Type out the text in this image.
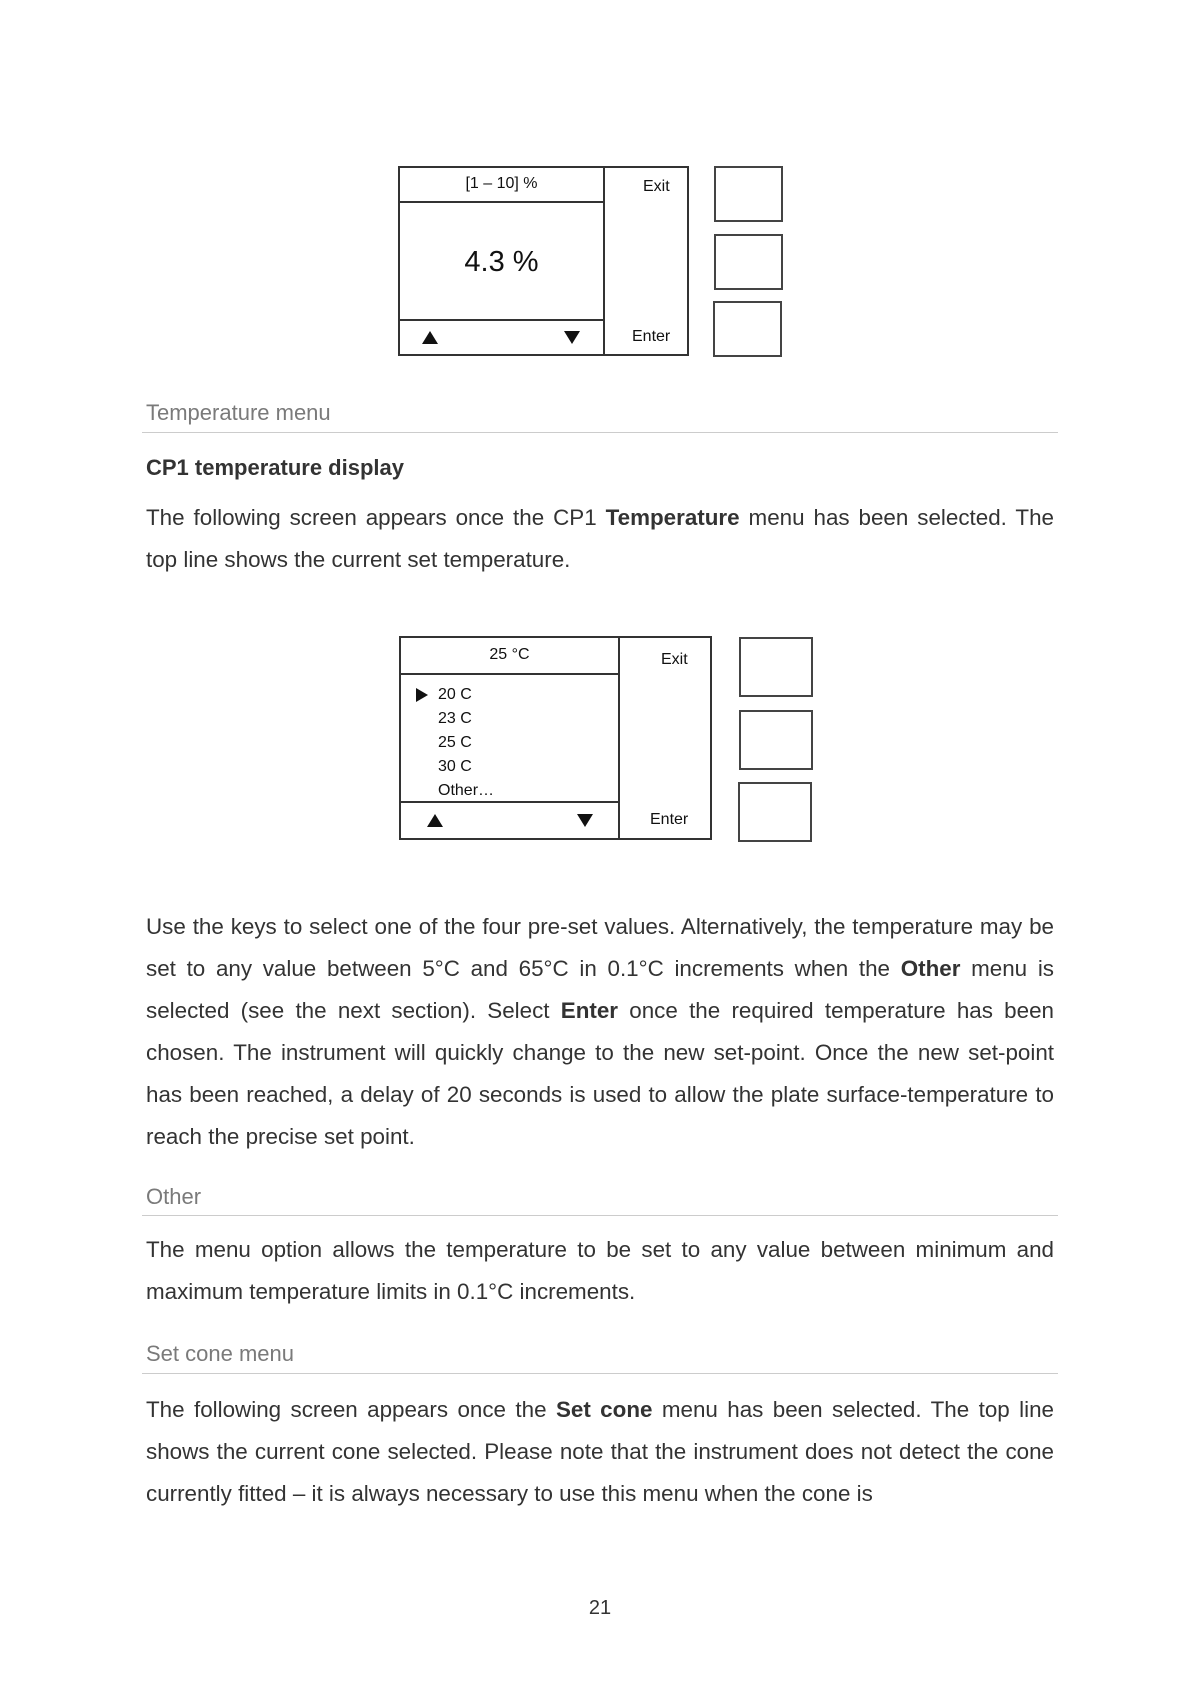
[1 – 10] %
4.3 %
Exit
Enter
Temperature menu
CP1 temperature display
The following screen appears once the CP1 Temperature menu has been selected. The top line shows the current set temperature.
25 °C
20 C
23 C
25 C
30 C
Other…
Exit
Enter
Use the keys to select one of the four pre-set values. Alternatively, the temperature may be set to any value between 5°C and 65°C in 0.1°C increments when the Other menu is selected (see the next section). Select Enter once the required temperature has been chosen. The instrument will quickly change to the new set-point. Once the new set-point has been reached, a delay of 20 seconds is used to allow the plate surface-temperature to reach the precise set point.
Other
The menu option allows the temperature to be set to any value between minimum and maximum temperature limits in 0.1°C increments.
Set cone menu
The following screen appears once the Set cone menu has been selected. The top line shows the current cone selected. Please note that the instrument does not detect the cone currently fitted – it is always necessary to use this menu when the cone is
21
